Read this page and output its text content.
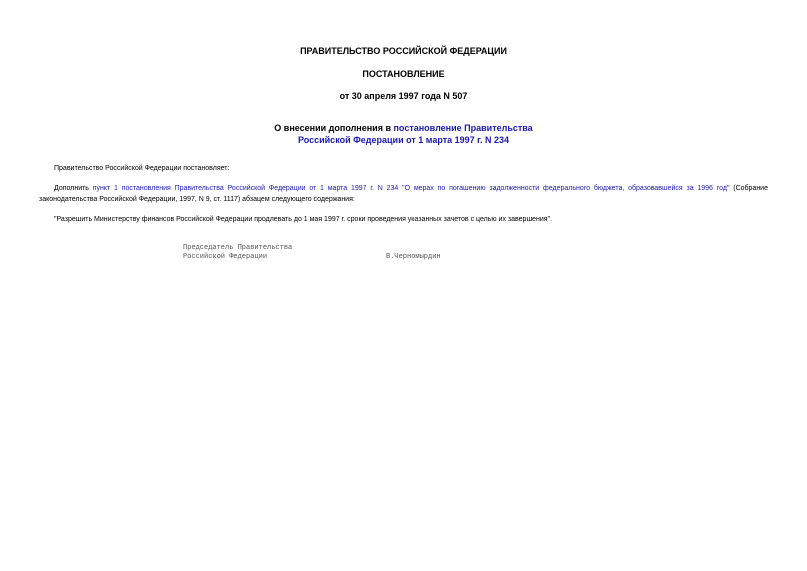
ПРАВИТЕЛЬСТВО РОССИЙСКОЙ ФЕДЕРАЦИИ
ПОСТАНОВЛЕНИЕ
от 30 апреля 1997 года N 507
О внесении дополнения в постановление Правительства
Российской Федерации от 1 марта 1997 г. N 234
Правительство Российской Федерации постановляет:
Дополнить пункт 1 постановления Правительства Российской Федерации от 1 марта 1997 г. N 234 "О мерах по погашению задолженности федерального бюджета, образовавшейся за 1996 год" (Собрание законодательства Российской Федерации, 1997, N 9, ст. 1117) абзацем следующего содержания:
"Разрешить Министерству финансов Российской Федерации продлевать до 1 мая 1997 г. сроки проведения указанных зачетов с целью их завершения".
Председатель Правительства
Российской Федерации	В.Черномырдин
